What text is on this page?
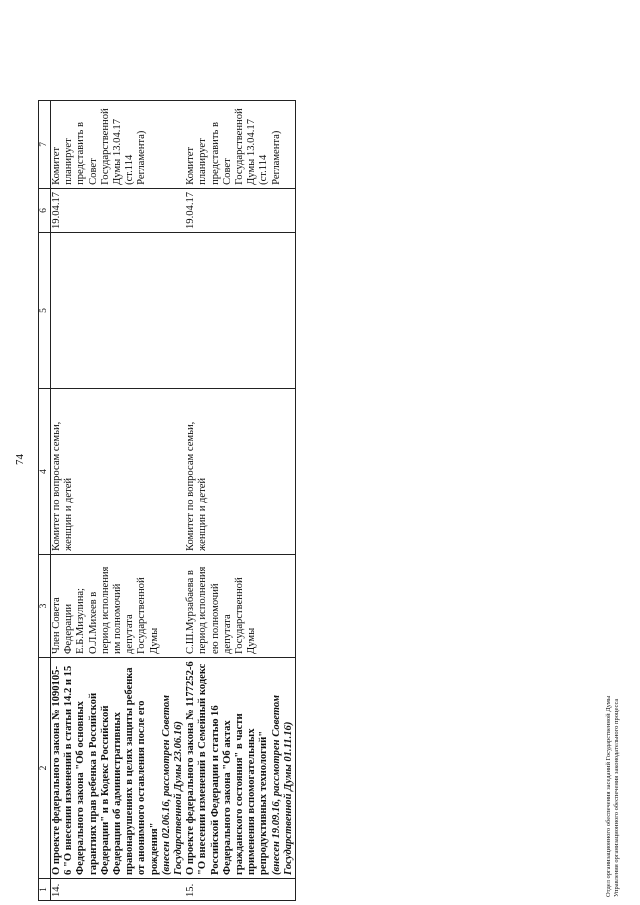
74
1	2	3	4	5	6	7
14.	О проекте федерального закона № 1090105-6 "О внесении изменений в статьи 14.2 и 15 Федерального закона "Об основных гарантиях прав ребенка в Российской Федерации" и в Кодекс Российской Федерации об административных правонарушениях в целях защиты ребенка от анонимного оставления после его рождения" (внесен 02.06.16, рассмотрен Советом Государственной Думы 23.06.16)	Член Совета Федерации Е.Б.Мизулина; О.Л.Михеев в период исполнения им полномочий депутата Государственной Думы	Комитет по вопросам семьи, женщин и детей		19.04.17	Комитет планирует представить в Совет Государственной Думы 13.04.17 (ст.114 Регламента)
15.	О проекте федерального закона № 1177252-6 "О внесении изменений в Семейный кодекс Российской Федерации и статью 16 Федерального закона "Об актах гражданского состояния" в части применения вспомогательных репродуктивных технологий" (внесен 19.09.16, рассмотрен Советом Государственной Думы 01.11.16)	С.Ш.Мурзабаева в период исполнения ею полномочий депутата Государственной Думы	Комитет по вопросам семьи, женщин и детей		19.04.17	Комитет планирует представить в Совет Государственной Думы 13.04.17 (ст.114 Регламента)
Отдел организационного обеспечения заседаний Государственной Думы Управления организационного обеспечения законодательного процесса
